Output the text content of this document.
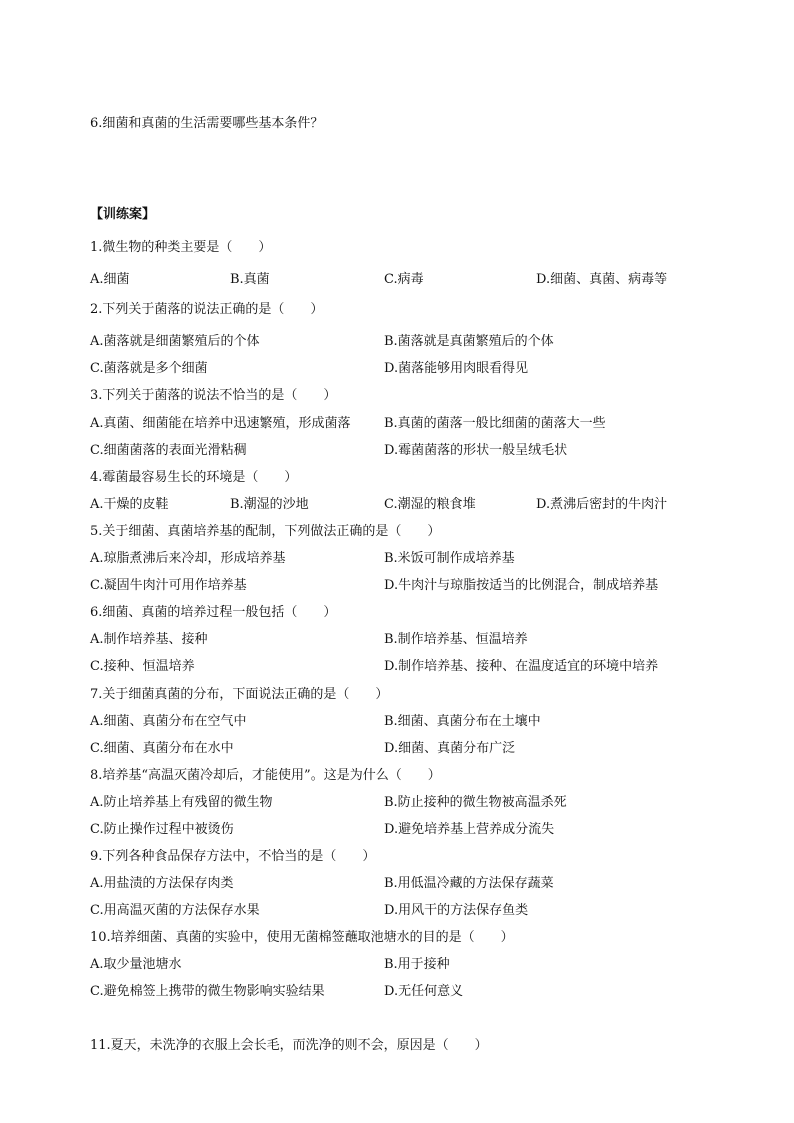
6.细菌和真菌的生活需要哪些基本条件？
【训练案】
1.微生物的种类主要是（　　）
A.细菌	B.真菌	C.病毒	D.细菌、真菌、病毒等
2.下列关于菌落的说法正确的是（　　）
A.菌落就是细菌繁殖后的个体	B.菌落就是真菌繁殖后的个体
C.菌落就是多个细菌	D.菌落能够用肉眼看得见
3.下列关于菌落的说法不恰当的是（　　）
A.真菌、细菌能在培养中迅速繁殖，形成菌落	B.真菌的菌落一般比细菌的菌落大一些
C.细菌菌落的表面光滑粘稠	D.霉菌菌落的形状一般呈绒毛状
4.霉菌最容易生长的环境是（　　）
A.干燥的皮鞋	B.潮湿的沙地	C.潮湿的粮食堆	D.煮沸后密封的牛肉汁
5.关于细菌、真菌培养基的配制，下列做法正确的是（　　）
A.琼脂煮沸后来冷却，形成培养基	B.米饭可制作成培养基
C.凝固牛肉汁可用作培养基	D.牛肉汁与琼脂按适当的比例混合，制成培养基
6.细菌、真菌的培养过程一般包括（　　）
A.制作培养基、接种	B.制作培养基、恒温培养
C.接种、恒温培养	D.制作培养基、接种、在温度适宜的环境中培养
7.关于细菌真菌的分布，下面说法正确的是（　　）
A.细菌、真菌分布在空气中	B.细菌、真菌分布在土壤中
C.细菌、真菌分布在水中	D.细菌、真菌分布广泛
8.培养基“高温灭菌冷却后，才能使用”。这是为什么（　　）
A.防止培养基上有残留的微生物	B.防止接种的微生物被高温杀死
C.防止操作过程中被烫伤	D.避免培养基上营养成分流失
9.下列各种食品保存方法中，不恰当的是（　　）
A.用盐渍的方法保存肉类	B.用低温冷藏的方法保存蔬菜
C.用高温灭菌的方法保存水果	D.用风干的方法保存鱼类
10.培养细菌、真菌的实验中，使用无菌棉签蘸取池塘水的目的是（　　）
A.取少量池塘水	B.用于接种
C.避免棉签上携带的微生物影响实验结果	D.无任何意义
11.夏天，未洗净的衣服上会长毛，而洗净的则不会，原因是（　　）
